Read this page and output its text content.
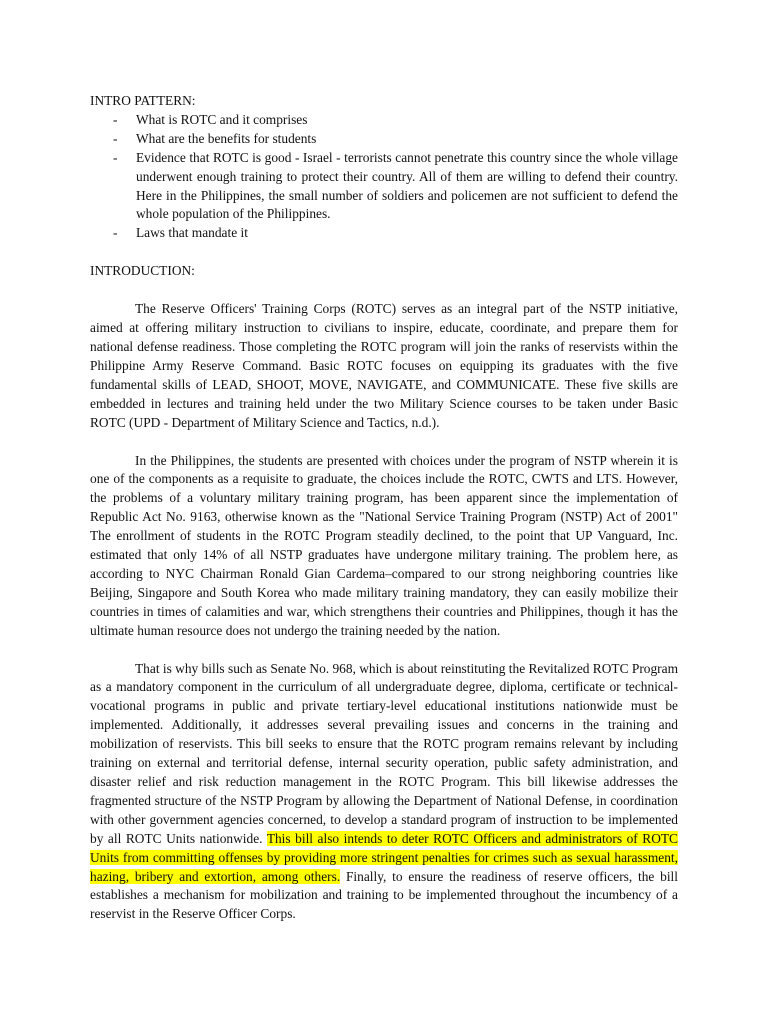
INTRO PATTERN:

- What is ROTC and it comprises
- What are the benefits for students
- Evidence that ROTC is good - Israel - terrorists cannot penetrate this country since the whole village underwent enough training to protect their country. All of them are willing to defend their country. Here in the Philippines, the small number of soldiers and policemen are not sufficient to defend the whole population of the Philippines.
- Laws that mandate it

INTRODUCTION:

The Reserve Officers' Training Corps (ROTC) serves as an integral part of the NSTP initiative, aimed at offering military instruction to civilians to inspire, educate, coordinate, and prepare them for national defense readiness. Those completing the ROTC program will join the ranks of reservists within the Philippine Army Reserve Command. Basic ROTC focuses on equipping its graduates with the five fundamental skills of LEAD, SHOOT, MOVE, NAVIGATE, and COMMUNICATE. These five skills are embedded in lectures and training held under the two Military Science courses to be taken under Basic ROTC (UPD - Department of Military Science and Tactics, n.d.).

In the Philippines, the students are presented with choices under the program of NSTP wherein it is one of the components as a requisite to graduate, the choices include the ROTC, CWTS and LTS. However, the problems of a voluntary military training program, has been apparent since the implementation of Republic Act No. 9163, otherwise known as the "National Service Training Program (NSTP) Act of 2001" The enrollment of students in the ROTC Program steadily declined, to the point that UP Vanguard, Inc. estimated that only 14% of all NSTP graduates have undergone military training. The problem here, as according to NYC Chairman Ronald Gian Cardema–compared to our strong neighboring countries like Beijing, Singapore and South Korea who made military training mandatory, they can easily mobilize their countries in times of calamities and war, which strengthens their countries and Philippines, though it has the ultimate human resource does not undergo the training needed by the nation.

That is why bills such as Senate No. 968, which is about reinstituting the Revitalized ROTC Program as a mandatory component in the curriculum of all undergraduate degree, diploma, certificate or technical-vocational programs in public and private tertiary-level educational institutions nationwide must be implemented. Additionally, it addresses several prevailing issues and concerns in the training and mobilization of reservists. This bill seeks to ensure that the ROTC program remains relevant by including training on external and territorial defense, internal security operation, public safety administration, and disaster relief and risk reduction management in the ROTC Program. This bill likewise addresses the fragmented structure of the NSTP Program by allowing the Department of National Defense, in coordination with other government agencies concerned, to develop a standard program of instruction to be implemented by all ROTC Units nationwide. This bill also intends to deter ROTC Officers and administrators of ROTC Units from committing offenses by providing more stringent penalties for crimes such as sexual harassment, hazing, bribery and extortion, among others. Finally, to ensure the readiness of reserve officers, the bill establishes a mechanism for mobilization and training to be implemented throughout the incumbency of a reservist in the Reserve Officer Corps.
